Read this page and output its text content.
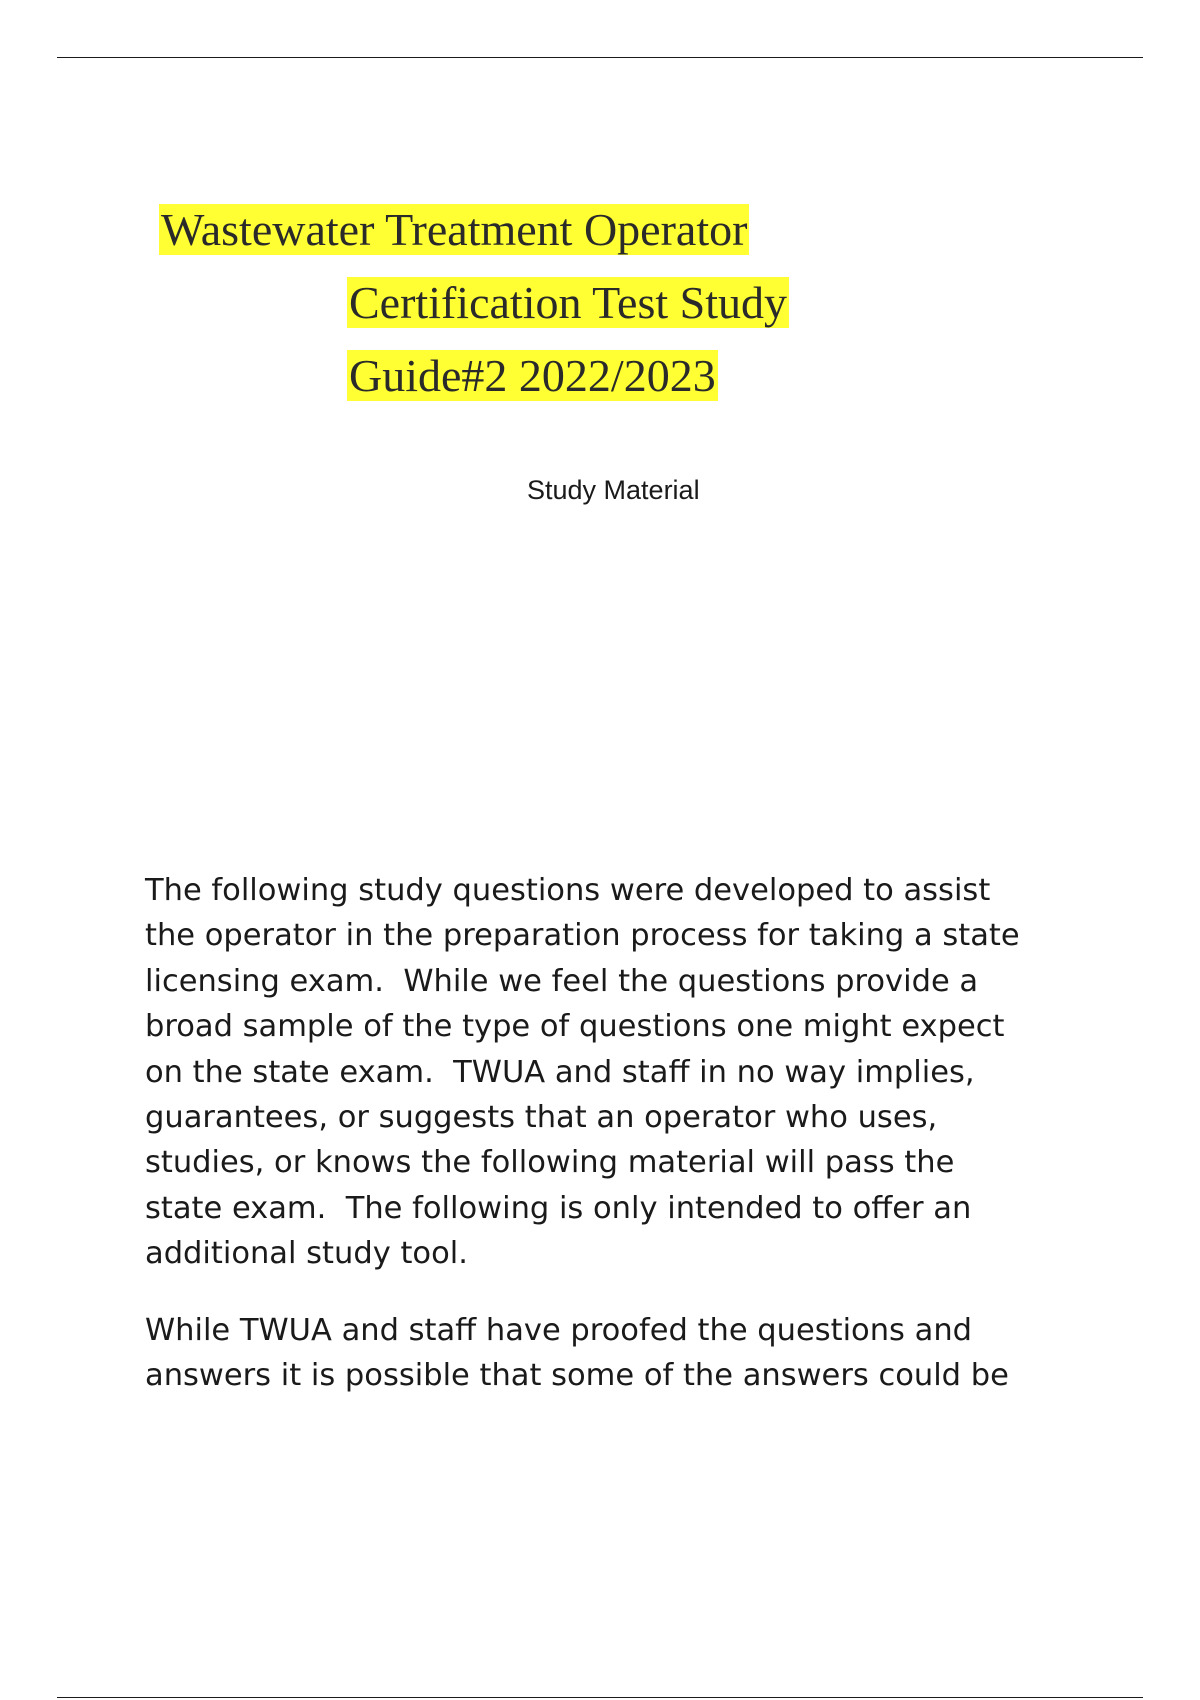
Wastewater Treatment Operator
Certification Test Study
Guide#2 2022/2023
Study Material

The following study questions were developed to assist
the operator in the preparation process for taking a state
licensing exam.  While we feel the questions provide a
broad sample of the type of questions one might expect
on the state exam.  TWUA and staff in no way implies,
guarantees, or suggests that an operator who uses,
studies, or knows the following material will pass the
state exam.  The following is only intended to offer an
additional study tool.

While TWUA and staff have proofed the questions and
answers it is possible that some of the answers could be
